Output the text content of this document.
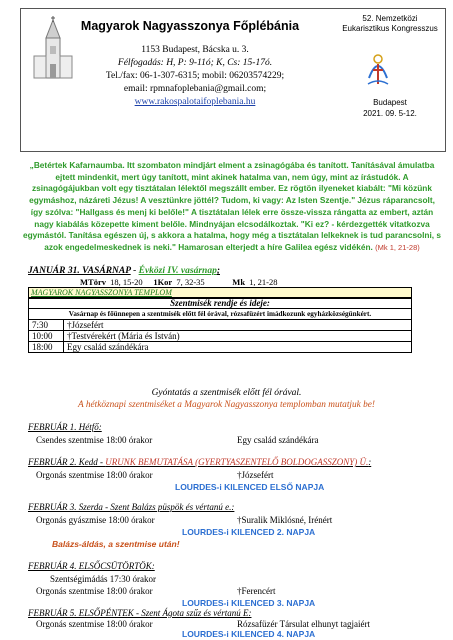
Magyarok Nagyasszonya Főplébánia
1153 Budapest, Bácska u. 3.
Félfogadás: H, P: 9-11ó; K, Cs: 15-17ó.
Tel./fax: 06-1-307-6315; mobil: 06203574229;
email: rpmnafoplebania@gmail.com;
www.rakospalotaifoplebania.hu
52. Nemzetközi Eukarisztikus Kongresszus
Budapest
2021. 09. 5-12.
„Betértek Kafarnaumba. Itt szombaton mindjárt elment a zsinagógába és tanított. Tanításával ámulatba ejtett mindenkit, mert úgy tanított, mint akinek hatalma van, nem úgy, mint az írástudók. A zsinagógájukban volt egy tisztátalan lélektől megszállt ember. Ez rögtön ilyeneket kiabált: "Mi közünk egymáshoz, názáreti Jézus! A vesztünkre jöttél? Tudom, ki vagy: Az Isten Szentje." Jézus ráparancsolt, így szólva: "Hallgass és menj ki belőle!" A tisztátalan lélek erre össze-vissza rángatta az embert, aztán nagy kiabálás közepette kiment belőle. Mindnyájan elcsodálkoztak. "Ki ez? - kérdezgették vitatkozva egymástól. Tanítása egészen új, s akkora a hatalma, hogy még a tisztátalan lelkeknek is tud parancsolni, s azok engedelmeskednek is neki." Hamarosan elterjedt a híre Galilea egész vidékén. (Mk 1, 21-28)
JANUÁR 31. VASÁRNAP - Évközi IV. vasárnap;
MTörv 18, 15-20 1Kor 7, 32-35	Mk 1, 21-28
MAGYAROK NAGYASSZONYA TEMPLOM
Szentmisék rendje és ideje:	
Vasárnap és főünnepen a szentmisék előtt fél órával, rózsafüzért imádkozunk egyházközségünkért.	
7:30	†Józsefért
10:00	†Testvérekért (Mária és István)
18:00	Egy család szándékára
Gyóntatás a szentmisék előtt fél órával.
A hétköznapi szentmiséket a Magyarok Nagyasszonya templomban mutatjuk be!
FEBRUÁR 1. Hétfő:
Csendes szentmise 18:00 órakor	Egy család szándékára
FEBRUÁR 2. Kedd - URUNK BEMUTATÁSA (GYERTYASZENTELŐ BOLDOGASSZONY) Ü.:
Orgonás szentmise 18:00 órakor	†Józsefért
LOURDES-i KILENCED ELSŐ NAPJA
FEBRUÁR 3. Szerda - Szent Balázs püspök és vértanú e.:
Orgonás gyászmise 18:00 órakor	†Suralik Miklósné, Irénért
LOURDES-i KILENCED 2. NAPJA
Balázs-áldás, a szentmise után!
FEBRUÁR 4. ELSŐCSÜTÖRTÖK:
Szentségimádás 17:30 órakor
Orgonás szentmise 18:00 órakor	†Ferencért
LOURDES-i KILENCED 3. NAPJA
FEBRUÁR 5. ELSŐPÉNTEK - Szent Ágota szűz és vértanú E:
Orgonás szentmise 18:00 órakor	Rózsafüzér Társulat elhunyt tagjaiért
LOURDES-i KILENCED 4. NAPJA
